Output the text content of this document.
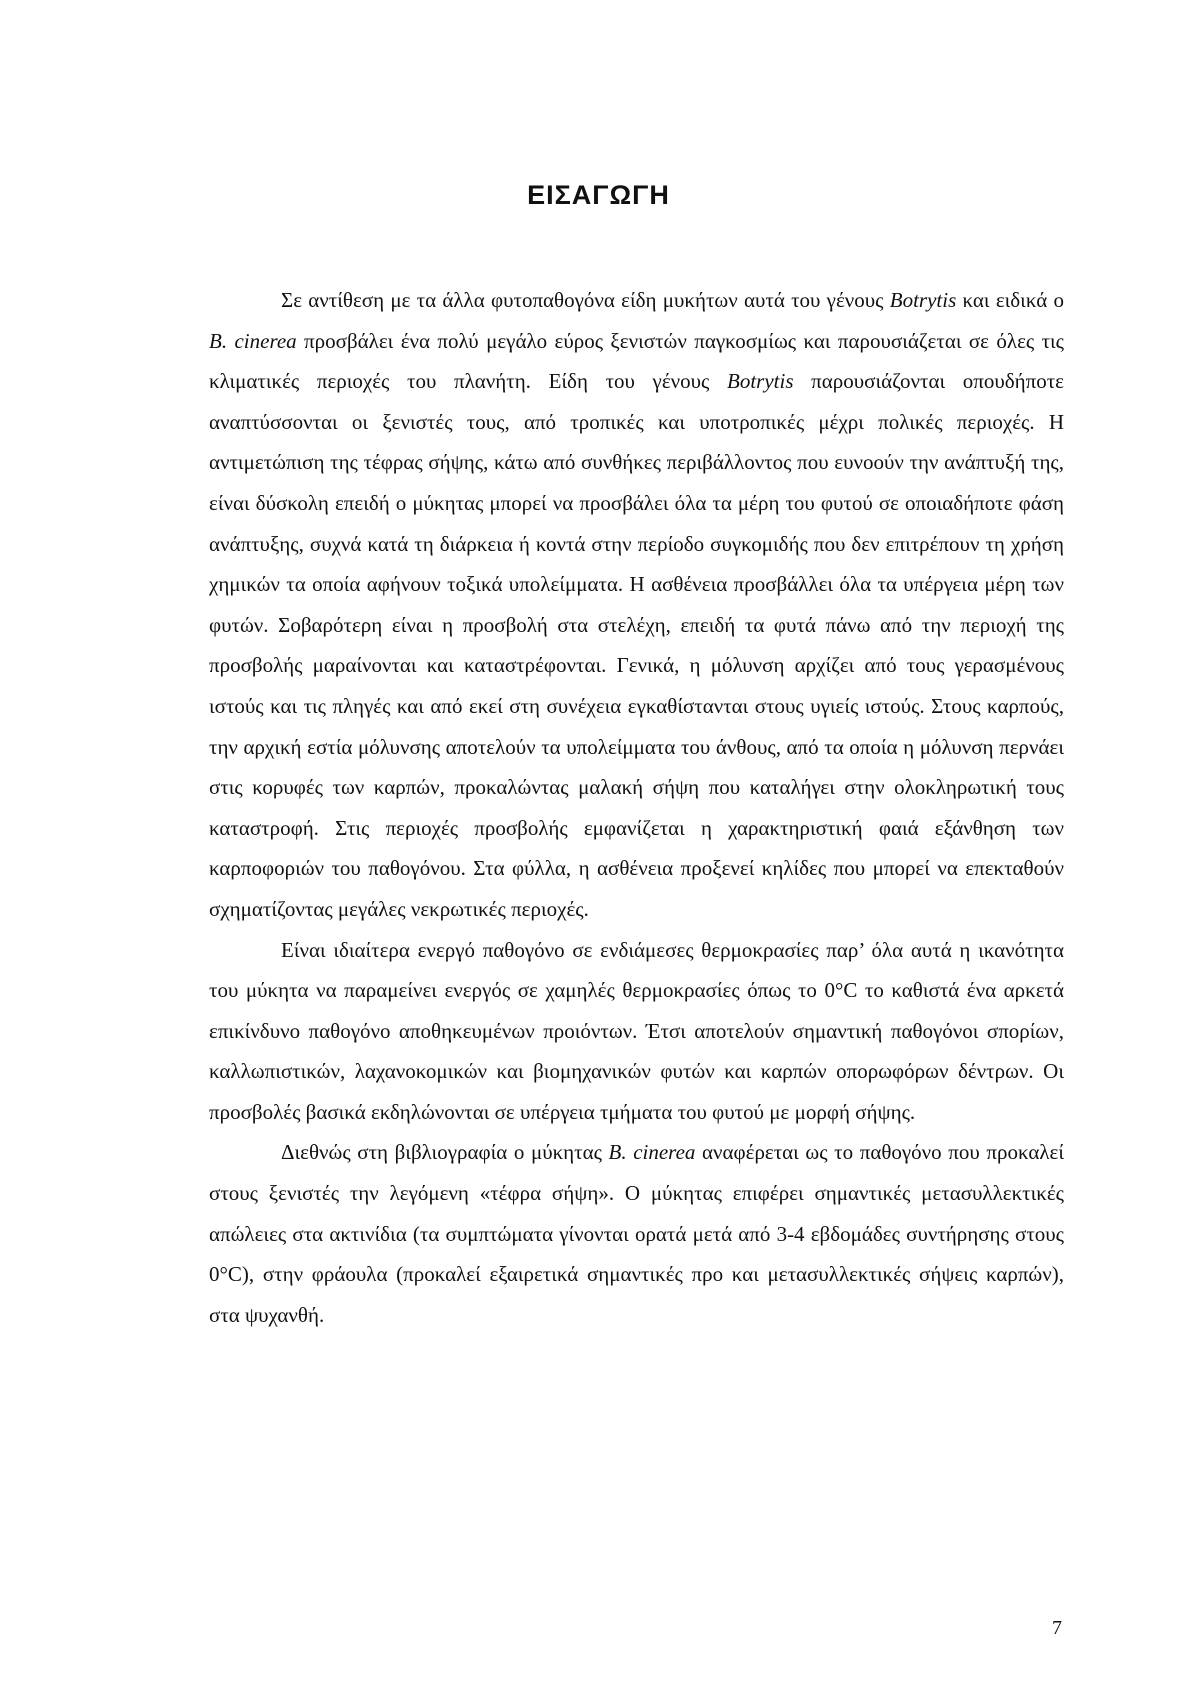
ΕΙΣΑΓΩΓΗ

Σε αντίθεση με τα άλλα φυτοπαθογόνα είδη μυκήτων αυτά του γένους Botrytis και ειδικά ο B. cinerea προσβάλει ένα πολύ μεγάλο εύρος ξενιστών παγκοσμίως και παρουσιάζεται σε όλες τις κλιματικές περιοχές του πλανήτη. Είδη του γένους Botrytis παρουσιάζονται οπουδήποτε αναπτύσσονται οι ξενιστές τους, από τροπικές και υποτροπικές μέχρι πολικές περιοχές. Η αντιμετώπιση της τέφρας σήψης, κάτω από συνθήκες περιβάλλοντος που ευνοούν την ανάπτυξή της, είναι δύσκολη επειδή ο μύκητας μπορεί να προσβάλει όλα τα μέρη του φυτού σε οποιαδήποτε φάση ανάπτυξης, συχνά κατά τη διάρκεια ή κοντά στην περίοδο συγκομιδής που δεν επιτρέπουν τη χρήση χημικών τα οποία αφήνουν τοξικά υπολείμματα. Η ασθένεια προσβάλλει όλα τα υπέργεια μέρη των φυτών. Σοβαρότερη είναι η προσβολή στα στελέχη, επειδή τα φυτά πάνω από την περιοχή της προσβολής μαραίνονται και καταστρέφονται. Γενικά, η μόλυνση αρχίζει από τους γερασμένους ιστούς και τις πληγές και από εκεί στη συνέχεια εγκαθίστανται στους υγιείς ιστούς. Στους καρπούς, την αρχική εστία μόλυνσης αποτελούν τα υπολείμματα του άνθους, από τα οποία η μόλυνση περνάει στις κορυφές των καρπών, προκαλώντας μαλακή σήψη που καταλήγει στην ολοκληρωτική τους καταστροφή. Στις περιοχές προσβολής εμφανίζεται η χαρακτηριστική φαιά εξάνθηση των καρποφοριών του παθογόνου. Στα φύλλα, η ασθένεια προξενεί κηλίδες που μπορεί να επεκταθούν σχηματίζοντας μεγάλες νεκρωτικές περιοχές.

Είναι ιδιαίτερα ενεργό παθογόνο σε ενδιάμεσες θερμοκρασίες παρ’ όλα αυτά η ικανότητα του μύκητα να παραμείνει ενεργός σε χαμηλές θερμοκρασίες όπως το 0°C το καθιστά ένα αρκετά επικίνδυνο παθογόνο αποθηκευμένων προιόντων. Έτσι αποτελούν σημαντική παθογόνοι σπορίων, καλλωπιστικών, λαχανοκομικών και βιομηχανικών φυτών και καρπών οπορωφόρων δέντρων. Οι προσβολές βασικά εκδηλώνονται σε υπέργεια τμήματα του φυτού με μορφή σήψης.

Διεθνώς στη βιβλιογραφία ο μύκητας B. cinerea αναφέρεται ως το παθογόνο που προκαλεί στους ξενιστές την λεγόμενη «τέφρα σήψη». Ο μύκητας επιφέρει σημαντικές μετασυλλεκτικές απώλειες στα ακτινίδια (τα συμπτώματα γίνονται ορατά μετά από 3-4 εβδομάδες συντήρησης στους 0°C), στην φράουλα (προκαλεί εξαιρετικά σημαντικές προ και μετασυλλεκτικές σήψεις καρπών), στα ψυχανθή.

7
